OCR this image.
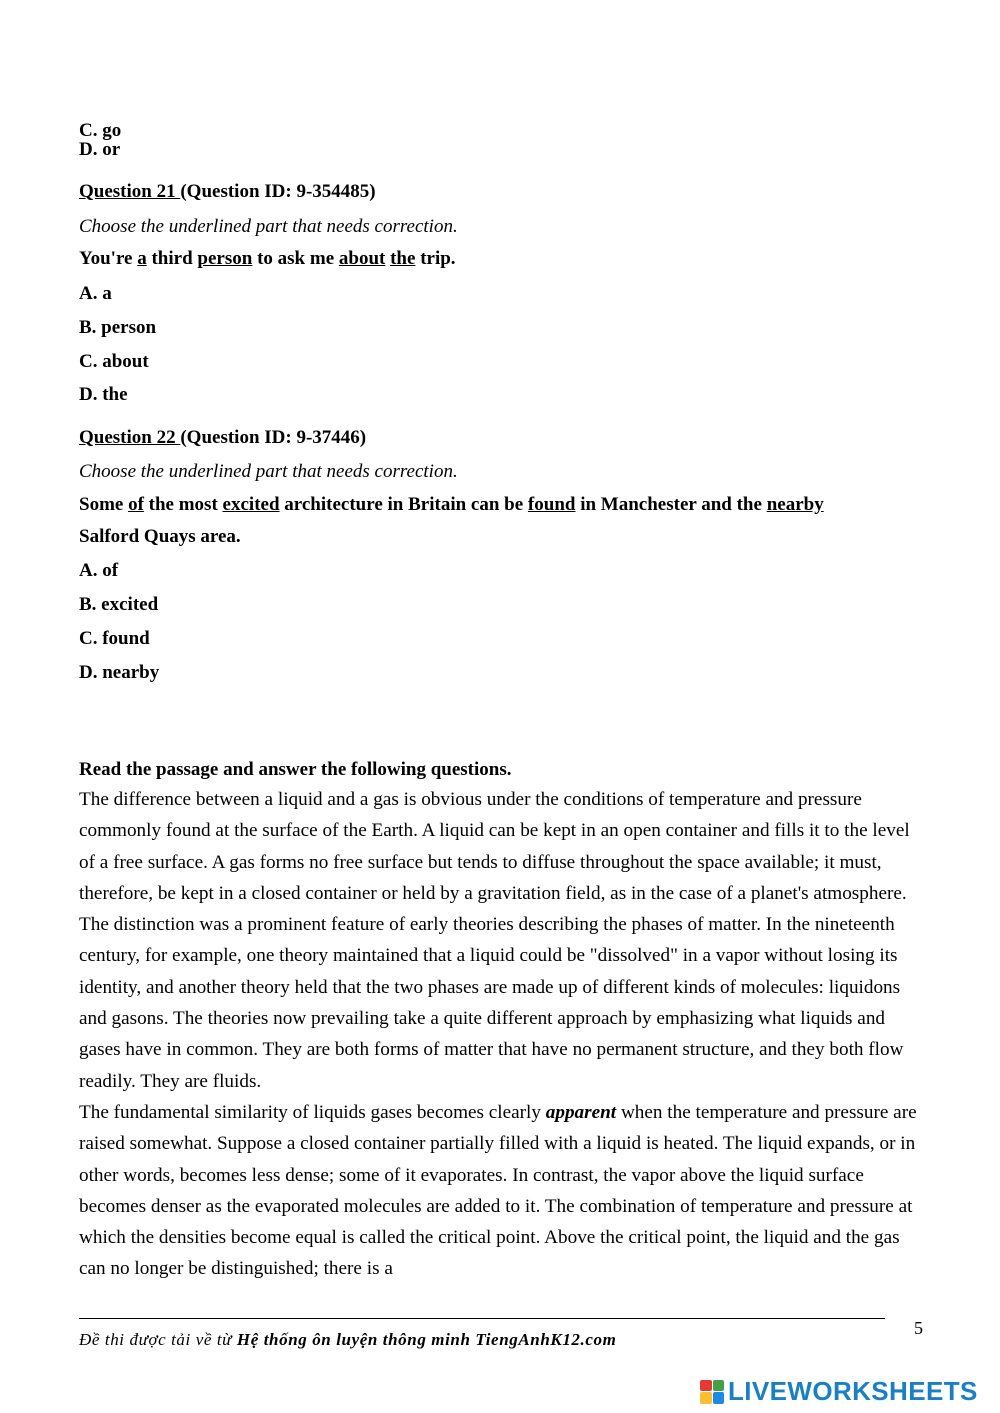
C. go
D. or
Question 21 (Question ID: 9-354485)
Choose the underlined part that needs correction.
You're a third person to ask me about the trip.
A. a
B. person
C. about
D. the
Question 22 (Question ID: 9-37446)
Choose the underlined part that needs correction.
Some of the most excited architecture in Britain can be found in Manchester and the nearby
Salford Quays area.
A. of
B. excited
C. found
D. nearby
Read the passage and answer the following questions.

The difference between a liquid and a gas is obvious under the conditions of temperature and pressure commonly found at the surface of the Earth. A liquid can be kept in an open container and fills it to the level of a free surface. A gas forms no free surface but tends to diffuse throughout the space available; it must, therefore, be kept in a closed container or held by a gravitation field, as in the case of a planet's atmosphere. The distinction was a prominent feature of early theories describing the phases of matter. In the nineteenth century, for example, one theory maintained that a liquid could be "dissolved" in a vapor without losing its identity, and another theory held that the two phases are made up of different kinds of molecules: liquidons and gasons. The theories now prevailing take a quite different approach by emphasizing what liquids and gases have in common. They are both forms of matter that have no permanent structure, and they both flow readily. They are fluids.

The fundamental similarity of liquids gases becomes clearly apparent when the temperature and pressure are raised somewhat. Suppose a closed container partially filled with a liquid is heated. The liquid expands, or in other words, becomes less dense; some of it evaporates. In contrast, the vapor above the liquid surface becomes denser as the evaporated molecules are added to it. The combination of temperature and pressure at which the densities become equal is called the critical point. Above the critical point, the liquid and the gas can no longer be distinguished; there is a

5
Đề thi được tải về từ Hệ thống ôn luyện thông minh TiengAnhK12.com
LIVEWORKSHEETS
